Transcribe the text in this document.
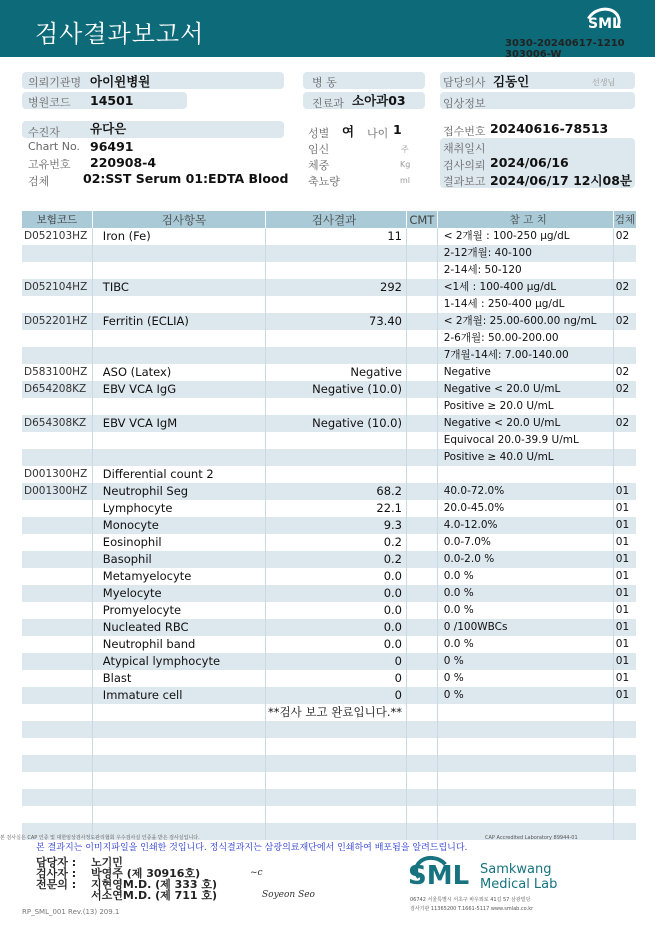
검사결과보고서	SML
3030-20240617-1210
303006-W
의뢰기관명 아이윈병원
병원코드 14501
병 동
진료과 소아과03
담당의사 김동인	선생님
임상정보
수진자 유다은
Chart No. 96491
고유번호 220908-4
검체	02:SST Serum 01:EDTA Blood
성별 여 나이 1
임신	주
체중	Kg
축뇨량	ml
접수번호 20240616-78513
채취일시
검사의뢰 2024/06/16
결과보고 2024/06/17 12시08분
보험코드	검사항목	검사결과	CMT	참 고 치	검체
D052103HZ	Iron (Fe)	11		< 2개월 : 100-250 μg/dL	02
				2-12개월: 40-100	
				2-14세: 50-120	
D052104HZ	TIBC	292		<1세 : 100-400 μg/dL	02
				1-14세 : 250-400 μg/dL	
D052201HZ	Ferritin (ECLIA)	73.40		< 2개월: 25.00-600.00 ng/mL	02
				2-6개월: 50.00-200.00	
				7개월-14세: 7.00-140.00	
D583100HZ	ASO (Latex)	Negative		Negative	02
D654208KZ	EBV VCA IgG	Negative (10.0)		Negative < 20.0 U/mL	02
				Positive ≥ 20.0 U/mL	
D654308KZ	EBV VCA IgM	Negative (10.0)		Negative < 20.0 U/mL	02
				Equivocal 20.0-39.9 U/mL	
				Positive ≥ 40.0 U/mL	
D001300HZ	Differential count 2				
D001300HZ	Neutrophil Seg	68.2		40.0-72.0%	01
	Lymphocyte	22.1		20.0-45.0%	01
	Monocyte	9.3		4.0-12.0%	01
	Eosinophil	0.2		0.0-7.0%	01
	Basophil	0.2		0.0-2.0 %	01
	Metamyelocyte	0.0		0.0 %	01
	Myelocyte	0.0		0.0 %	01
	Promyelocyte	0.0		0.0 %	01
	Nucleated RBC	0.0		0 /100WBCs	01
	Neutrophil band	0.0		0.0 %	01
	Atypical lymphocyte	0		0 %	01
	Blast	0		0 %	01
	Immature cell	0		0 %	01
		**검사 보고 완료입니다.**			

본 검사실은 CAP 인증 및 대한임상검사정도관리협회 우수검사실 인증을 받은 검사실입니다.	CAP Accredited Laboratory 89944-01
본 결과지는 이미지파일을 인쇄한 것입니다. 정식결과지는 삼광의료재단에서 인쇄하여 배포됨을 알려드립니다.
담당자 :	노기민
검사자 :	박영주 (제 30916호)
전문의 :	지현영M.D. (제 333 호)
서소연M.D. (제 711 호)
~c
Soyeon Seo
RP_SML_001 Rev.(13) 209.1
SML Samkwang
Medical Lab
06742 서울특별시 서초구 바우뫼로 41길 57 삼광빌딩
검사기관 11365200 T.1661-5117 www.smlab.co.kr
